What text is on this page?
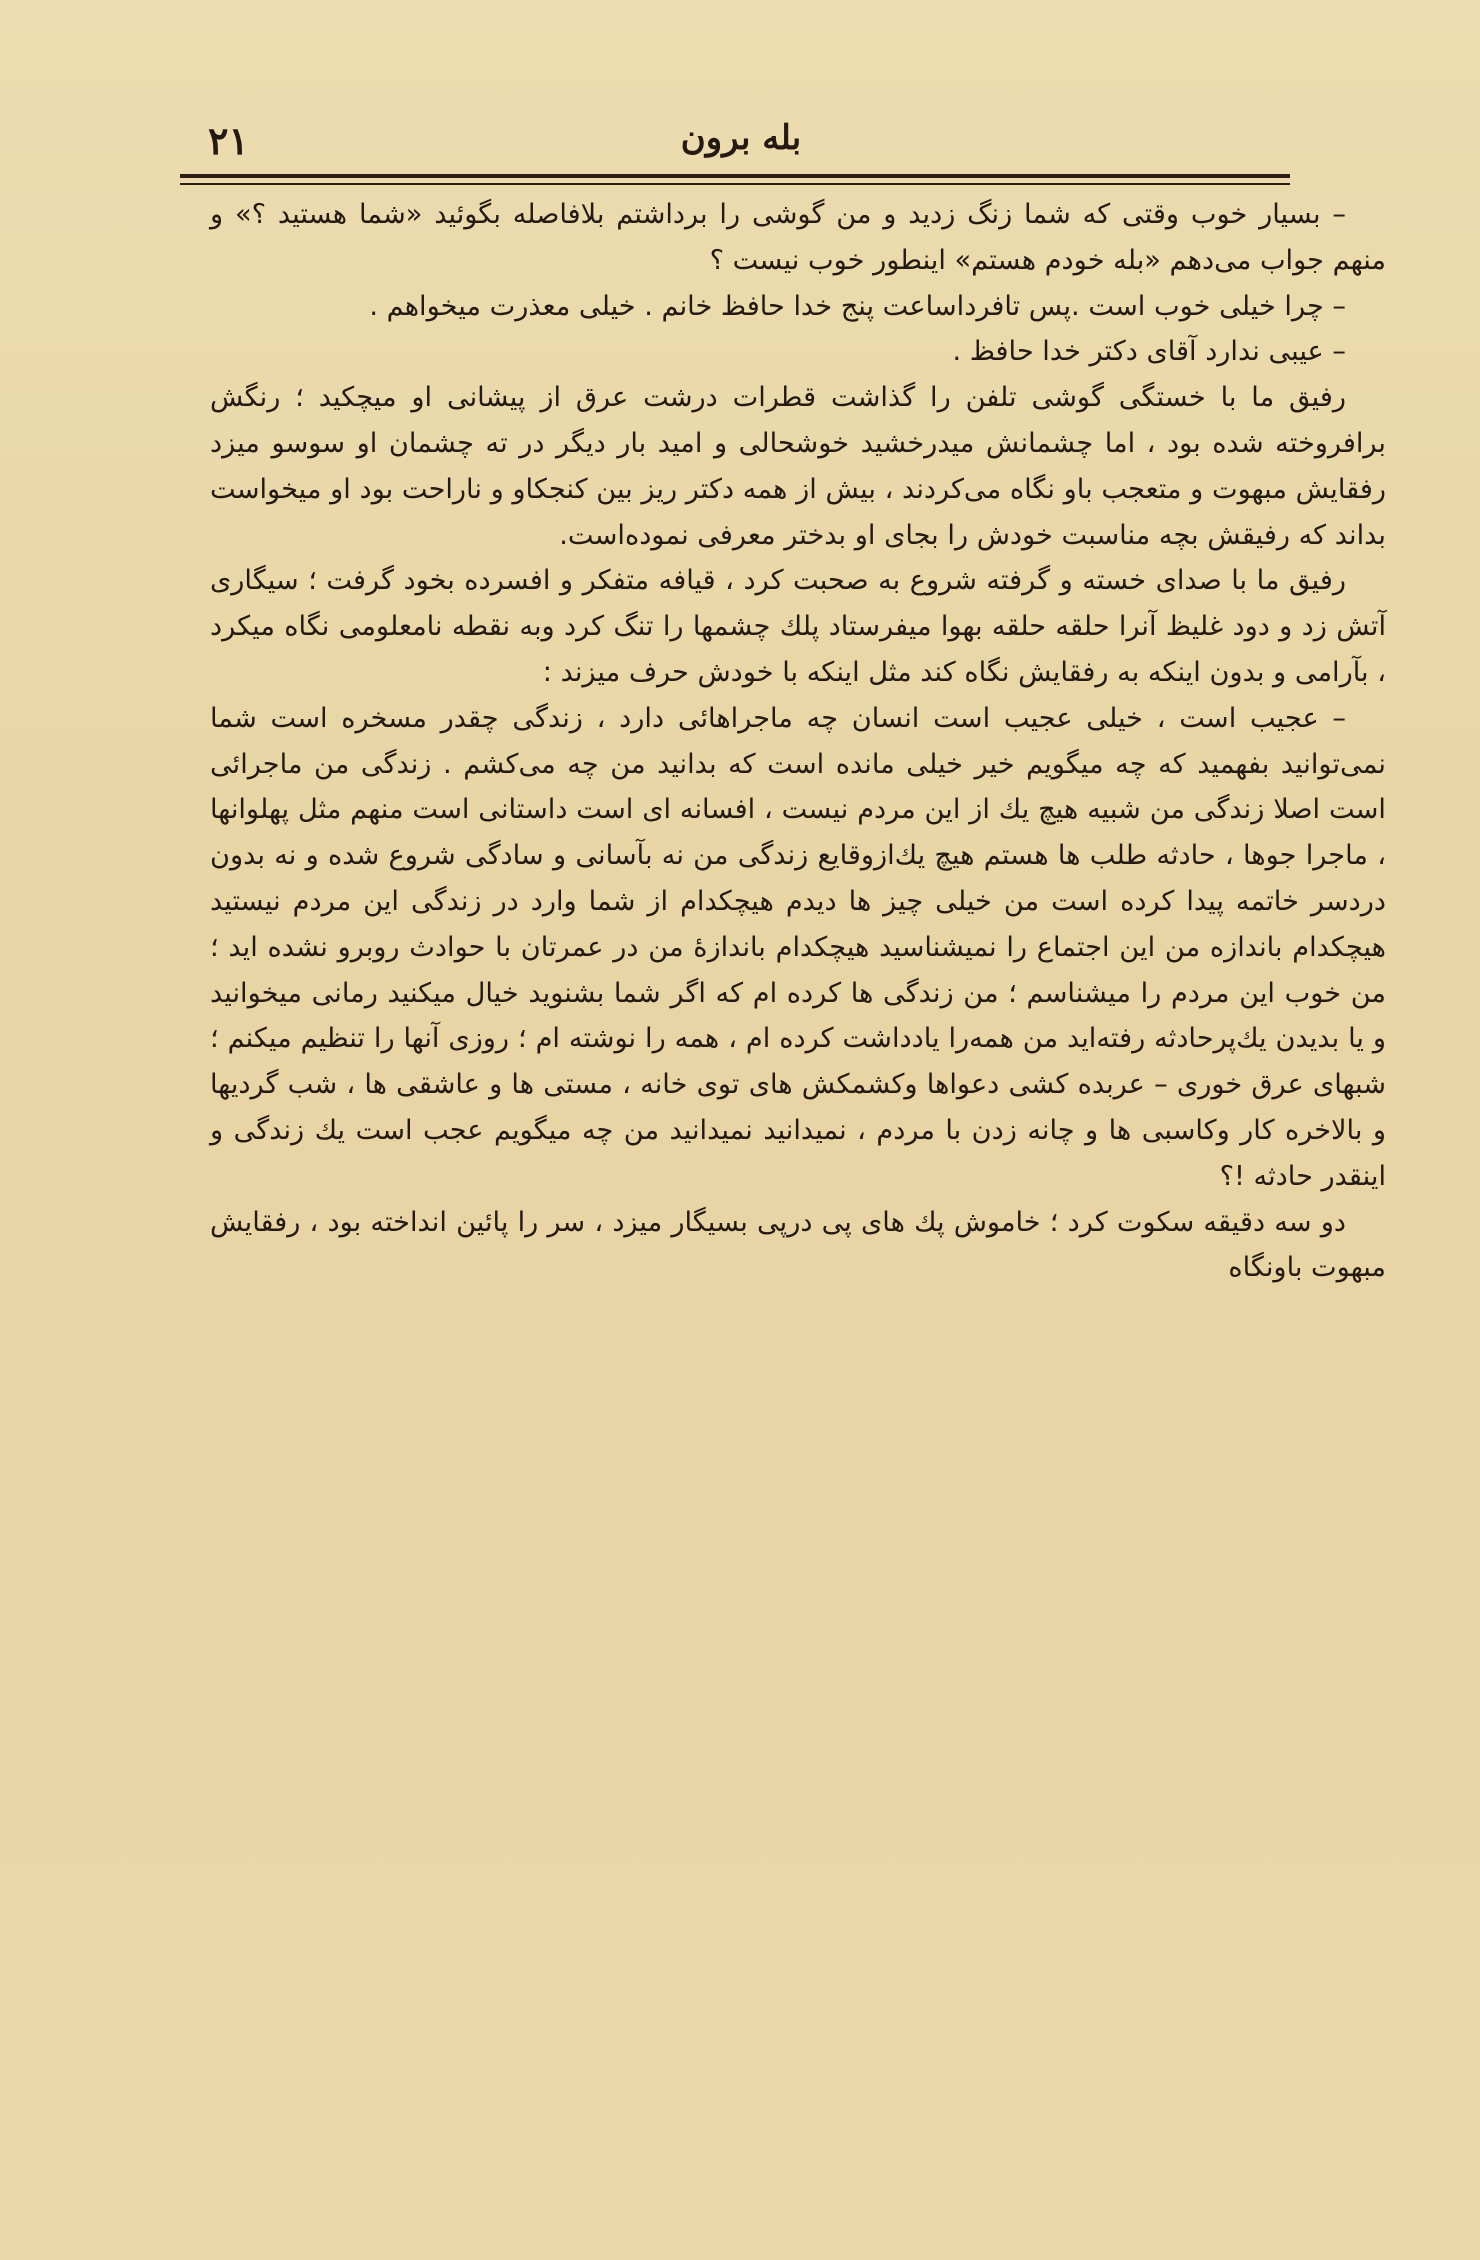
۲۱	بله برون

– بسیار خوب وقتی که شما زنگ زدید و من گوشی را برداشتم بلافاصله بگوئید «شما هستید ؟» و منهم جواب می‌دهم «بله خودم هستم» اینطور خوب نیست ؟

– چرا خیلی خوب است .پس تافرداساعت پنج خدا حافظ خانم . خیلی معذرت میخواهم .

– عیبی ندارد آقای دکتر خدا حافظ .

رفیق ما با خستگی گوشی تلفن را گذاشت قطرات درشت عرق از پیشانی او میچکید ؛ رنگش برافروخته شده بود ، اما چشمانش میدرخشید خوشحالی و امید بار دیگر در ته چشمان او سوسو میزد رفقایش مبهوت و متعجب باو نگاه می‌کردند ، بیش از همه دکتر ریز بین کنجکاو و ناراحت بود او میخواست بداند که رفیقش بچه مناسبت خودش را بجای او بدختر معرفی نموده‌است.

رفیق ما با صدای خسته و گرفته شروع به صحبت کرد ، قیافه متفکر و افسرده بخود گرفت ؛ سیگاری آتش زد و دود غلیظ آنرا حلقه حلقه بهوا میفرستاد پلك چشمها را تنگ کرد وبه نقطه نامعلومی نگاه میکرد ، بآرامی و بدون اینکه به رفقایش نگاه کند مثل اینکه با خودش حرف میزند :

– عجیب است ، خیلی عجیب است انسان چه ماجراهائی دارد ، زندگی چقدر مسخره است شما نمی‌توانید بفهمید که چه میگویم خیر خیلی مانده است که بدانید من چه می‌کشم . زندگی من ماجرائی است اصلا زندگی من شبیه هیچ یك از این مردم نیست ، افسانه ای است داستانی است منهم مثل پهلوانها ، ماجرا جوها ، حادثه طلب ها هستم هیچ یك‌ازوقایع زندگی من نه بآسانی و سادگی شروع شده و نه بدون دردسر خاتمه پیدا کرده است من خیلی چیز ها دیدم هیچکدام از شما وارد در زندگی این مردم نیستید هیچکدام باندازه من این اجتماع را نمیشناسید هیچکدام باندازهٔ من در عمرتان با حوادث روبرو نشده اید ؛ من خوب این مردم را میشناسم ؛ من زندگی ها کرده ام که اگر شما بشنوید خیال میکنید رمانی میخوانید و یا بدیدن یك‌پرحادثه رفته‌اید من همه‌را یادداشت کرده ام ، همه را نوشته ام ؛ روزی آنها را تنظیم میکنم ؛ شبهای عرق خوری – عربده کشی دعواها وکشمکش های توی خانه ، مستی ها و عاشقی ها ، شب گردیها و بالاخره کار وکاسبی ها و چانه زدن با مردم ، نمیدانید نمیدانید من چه میگویم عجب است یك زندگی و اینقدر حادثه !؟

دو سه دقیقه سکوت کرد ؛ خاموش پك های پی درپی بسیگار میزد ، سر را پائین انداخته بود ، رفقایش مبهوت باونگاه
